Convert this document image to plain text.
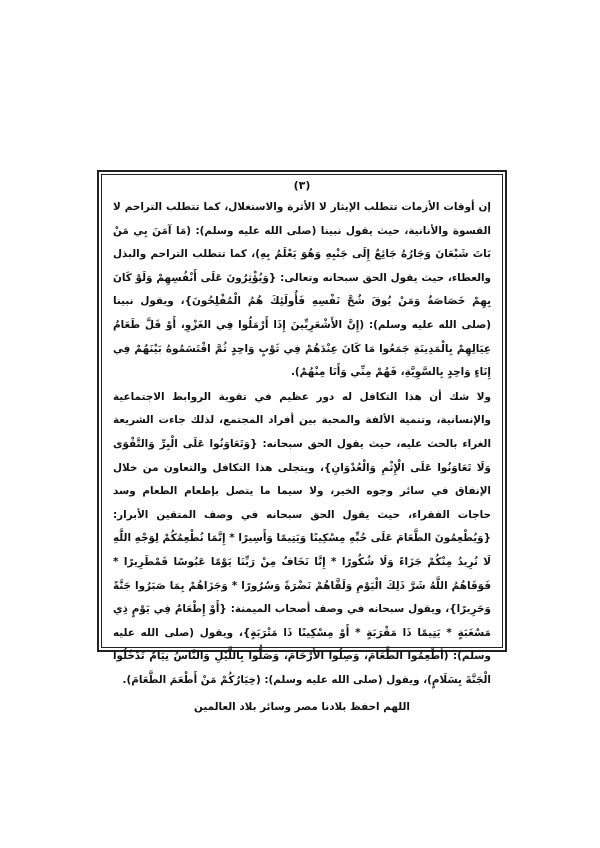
(٣)

إن أوقات الأزمات تتطلب الإيثار لا الأثرة والاستغلال، كما تتطلب التراحم لا القسوة والأنانية، حيث يقول نبينا (صلى الله عليه وسلم): (مَا آمَنَ بِي مَنْ بَاتَ شَبْعَانَ وَجَارُهُ جَائِعٌ إِلَى جَنْبِهِ وَهُوَ يَعْلَمُ بِهِ)، كما تتطلب التراحم والبذل والعطاء، حيث يقول الحق سبحانه وتعالى: {وَيُؤْثِرُونَ عَلَى أَنْفُسِهِمْ وَلَوْ كَانَ بِهِمْ خَصَاصَةٌ وَمَنْ يُوقَ شُحَّ نَفْسِهِ فَأُولَئِكَ هُمُ الْمُفْلِحُونَ}، ويقول نبينا (صلى الله عليه وسلم): (إِنَّ الأَشْعَرِيِّينَ إِذَا أَرْمَلُوا فِي الغَزْوِ، أَوْ قَلَّ طَعَامُ عِيَالِهِمْ بِالْمَدِينَةِ جَمَعُوا مَا كَانَ عِنْدَهُمْ فِي ثَوْبٍ وَاحِدٍ ثُمَّ اقْتَسَمُوهُ بَيْنَهُمْ فِي إِنَاءٍ وَاحِدٍ بِالسَّوِيَّةِ، فَهُمْ مِنِّي وَأَنَا مِنْهُمْ).

ولا شك أن هذا التكافل له دور عظيم في تقوية الروابط الاجتماعية والإنسانية، وتنمية الألفة والمحبة بين أفراد المجتمع، لذلك جاءت الشريعة الغراء بالحث عليه، حيث يقول الحق سبحانه: {وَتَعَاوَنُوا عَلَى الْبِرِّ وَالتَّقْوَى وَلَا تَعَاوَنُوا عَلَى الْإِثْمِ وَالْعُدْوَانِ}، ويتجلى هذا التكافل والتعاون من خلال الإنفاق في سائر وجوه الخير، ولا سيما ما يتصل بإطعام الطعام وسد حاجات الفقراء، حيث يقول الحق سبحانه في وصف المتقين الأبرار: {وَيُطْعِمُونَ الطَّعَامَ عَلَى حُبِّهِ مِسْكِينًا وَيَتِيمًا وَأَسِيرًا * إِنَّمَا نُطْعِمُكُمْ لِوَجْهِ اللَّهِ لَا نُرِيدُ مِنْكُمْ جَزَاءً وَلَا شُكُورًا * إِنَّا نَخَافُ مِنْ رَبِّنَا يَوْمًا عَبُوسًا قَمْطَرِيرًا * فَوَقَاهُمُ اللَّهُ شَرَّ ذَلِكَ الْيَوْمِ وَلَقَّاهُمْ نَضْرَةً وَسُرُورًا * وَجَزَاهُمْ بِمَا صَبَرُوا جَنَّةً وَحَرِيرًا}، ويقول سبحانه في وصف أصحاب الميمنة: {أَوْ إِطْعَامٌ فِي يَوْمٍ ذِي مَسْغَبَةٍ * يَتِيمًا ذَا مَقْرَبَةٍ * أَوْ مِسْكِينًا ذَا مَتْرَبَةٍ}، ويقول (صلى الله عليه وسلم): (أَطْعِمُوا الطَّعَامَ، وَصِلُوا الأَرْحَامَ، وَصَلُّوا بِاللَّيْلِ وَالنَّاسُ نِيَامٌ تَدْخُلُوا الْجَنَّةَ بِسَلَامٍ)، ويقول (صلى الله عليه وسلم): (خِيَارُكُمْ مَنْ أَطْعَمَ الطَّعَامَ).

اللهم احفظ بلادنا مصر وسائر بلاد العالمين
